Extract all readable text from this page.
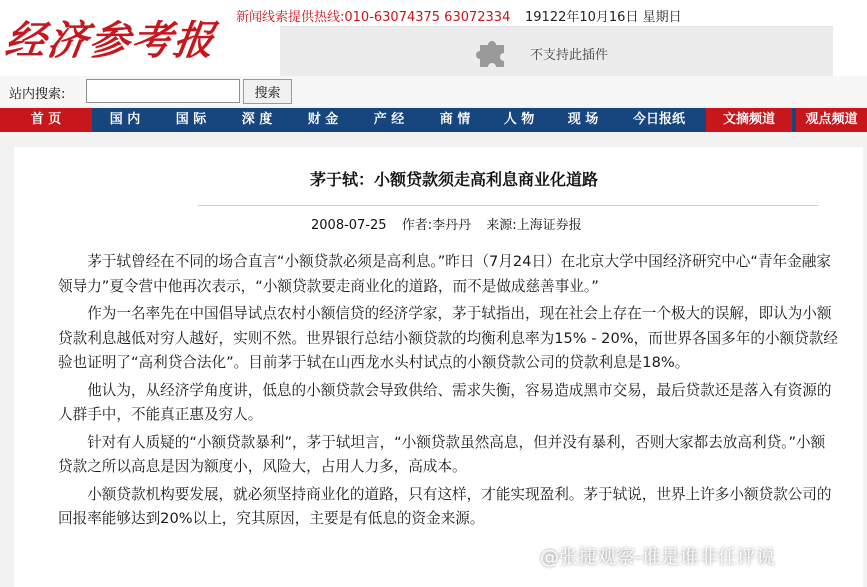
经济参考报 新闻线索提供热线:010-63074375 63072334 19122年10月16日 星期日
不支持此插件
站内搜索:	搜索
首 页	国 内	国 际	深 度	财 金	产 经	商 情	人 物	现 场	今日报纸	文摘频道	观点频道
茅于轼：小额贷款须走高利息商业化道路
2008-07-25 作者:李丹丹 来源:上海证券报

茅于轼曾经在不同的场合直言“小额贷款必须是高利息。”昨日（7月24日）在北京大学中国经济研究中心“青年金融家领导力”夏令营中他再次表示，“小额贷款要走商业化的道路，而不是做成慈善事业。”

作为一名率先在中国倡导试点农村小额信贷的经济学家，茅于轼指出，现在社会上存在一个极大的误解，即认为小额贷款利息越低对穷人越好，实则不然。世界银行总结小额贷款的均衡利息率为15% - 20%，而世界各国多年的小额贷款经验也证明了“高利贷合法化”。目前茅于轼在山西龙水头村试点的小额贷款公司的贷款利息是18%。

他认为，从经济学角度讲，低息的小额贷款会导致供给、需求失衡，容易造成黑市交易，最后贷款还是落入有资源的人群手中，不能真正惠及穷人。

针对有人质疑的“小额贷款暴利”，茅于轼坦言，“小额贷款虽然高息，但并没有暴利，否则大家都去放高利贷。”小额贷款之所以高息是因为额度小，风险大，占用人力多，高成本。

小额贷款机构要发展，就必须坚持商业化的道路，只有这样，才能实现盈利。茅于轼说，世界上许多小额贷款公司的回报率能够达到20%以上，究其原因，主要是有低息的资金来源。

@张捷观察-谁是谁非任评说
